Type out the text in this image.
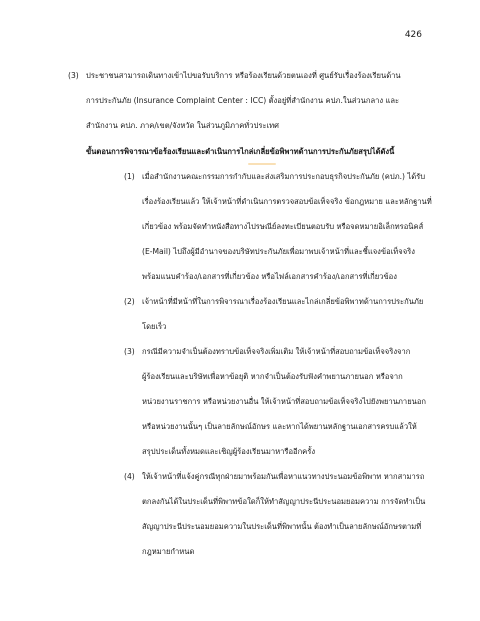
426
(3) ประชาชนสามารถเดินทางเข้าไปขอรับบริการ หรือร้องเรียนด้วยตนเองที่ ศูนย์รับเรื่องร้องเรียนด้าน
การประกันภัย (Insurance Complaint Center : ICC) ตั้งอยู่ที่สำนักงาน คปภ.ในส่วนกลาง และ
สำนักงาน คปภ. ภาค/เขต/จังหวัด ในส่วนภูมิภาคทั่วประเทศ
ขั้นตอนการพิจารณาข้อร้องเรียนและดำเนินการไกล่เกลี่ยข้อพิพาทด้านการประกันภัยสรุปได้ดังนี้
(1) เมื่อสำนักงานคณะกรรมการกำกับและส่งเสริมการประกอบธุรกิจประกันภัย (คปภ.) ได้รับ
เรื่องร้องเรียนแล้ว ให้เจ้าหน้าที่ดำเนินการตรวจสอบข้อเท็จจริง ข้อกฎหมาย และหลักฐานที่
เกี่ยวข้อง พร้อมจัดทำหนังสือทางไปรษณีย์ลงทะเบียนตอบรับ หรือจดหมายอิเล็กทรอนิคส์
(E-Mail) ไปถึงผู้มีอำนาจของบริษัทประกันภัยเพื่อมาพบเจ้าหน้าที่และชี้แจงข้อเท็จจริง
พร้อมแนบคำร้อง/เอกสารที่เกี่ยวข้อง หรือไฟล์เอกสารคำร้อง/เอกสารที่เกี่ยวข้อง
(2) เจ้าหน้าที่มีหน้าที่ในการพิจารณาเรื่องร้องเรียนและไกล่เกลี่ยข้อพิพาทด้านการประกันภัย
โดยเร็ว
(3) กรณีมีความจำเป็นต้องทราบข้อเท็จจริงเพิ่มเติม ให้เจ้าหน้าที่สอบถามข้อเท็จจริงจาก
ผู้ร้องเรียนและบริษัทเพื่อหาข้อยุติ หากจำเป็นต้องรับฟังคำพยานภายนอก หรือจาก
หน่วยงานราชการ หรือหน่วยงานอื่น ให้เจ้าหน้าที่สอบถามข้อเท็จจริงไปยังพยานภายนอก
หรือหน่วยงานนั้นๆ เป็นลายลักษณ์อักษร และหากได้พยานหลักฐานเอกสารครบแล้วให้
สรุปประเด็นทั้งหมดและเชิญผู้ร้องเรียนมาหารืออีกครั้ง
(4) ให้เจ้าหน้าที่แจ้งคู่กรณีทุกฝ่ายมาพร้อมกันเพื่อหาแนวทางประนอมข้อพิพาท หากสามารถ
ตกลงกันได้ในประเด็นที่พิพาทข้อใดก็ให้ทำสัญญาประนีประนอมยอมความ การจัดทำเป็น
สัญญาประนีประนอมยอมความในประเด็นที่พิพาทนั้น ต้องทำเป็นลายลักษณ์อักษรตามที่
กฎหมายกำหนด
